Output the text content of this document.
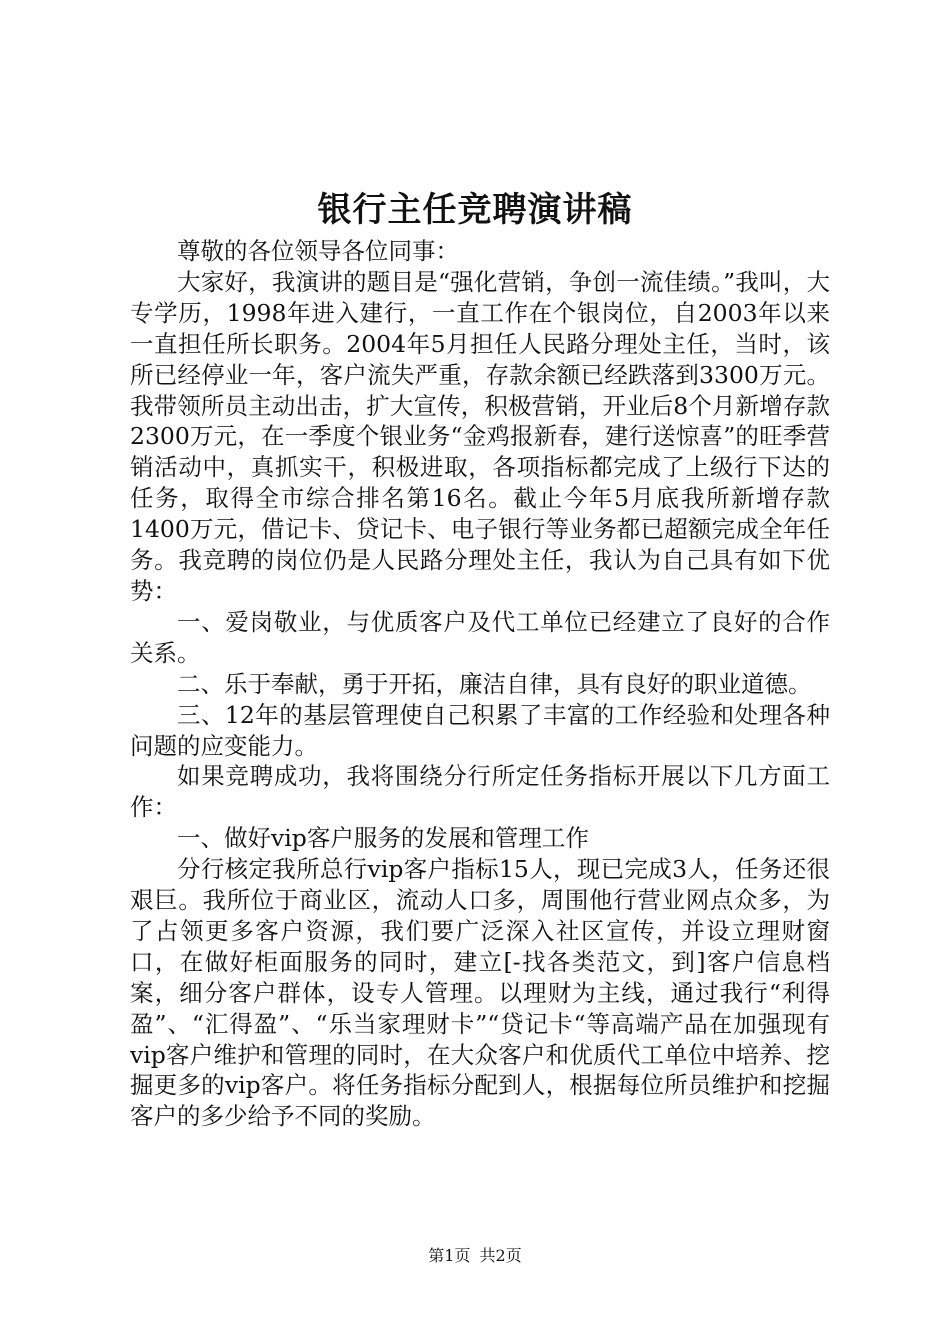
银行主任竞聘演讲稿

尊敬的各位领导各位同事：

大家好，我演讲的题目是“强化营销，争创一流佳绩。”我叫，大专学历，1998年进入建行，一直工作在个银岗位，自2003年以来一直担任所长职务。2004年5月担任人民路分理处主任，当时，该所已经停业一年，客户流失严重，存款余额已经跌落到3300万元。我带领所员主动出击，扩大宣传，积极营销，开业后8个月新增存款2300万元，在一季度个银业务“金鸡报新春，建行送惊喜”的旺季营销活动中，真抓实干，积极进取，各项指标都完成了上级行下达的任务，取得全市综合排名第16名。截止今年5月底我所新增存款1400万元，借记卡、贷记卡、电子银行等业务都已超额完成全年任务。我竞聘的岗位仍是人民路分理处主任，我认为自己具有如下优势：

一、爱岗敬业，与优质客户及代工单位已经建立了良好的合作关系。

二、乐于奉献，勇于开拓，廉洁自律，具有良好的职业道德。

三、12年的基层管理使自己积累了丰富的工作经验和处理各种问题的应变能力。

如果竞聘成功，我将围绕分行所定任务指标开展以下几方面工作：

一、做好vip客户服务的发展和管理工作

分行核定我所总行vip客户指标15人，现已完成3人，任务还很艰巨。我所位于商业区，流动人口多，周围他行营业网点众多，为了占领更多客户资源，我们要广泛深入社区宣传，并设立理财窗口，在做好柜面服务的同时，建立[-找各类范文，到]客户信息档案，细分客户群体，设专人管理。以理财为主线，通过我行“利得盈”、“汇得盈”、“乐当家理财卡”“贷记卡“等高端产品在加强现有vip客户维护和管理的同时，在大众客户和优质代工单位中培养、挖掘更多的vip客户。将任务指标分配到人，根据每位所员维护和挖掘客户的多少给予不同的奖励。

第1页 共2页
